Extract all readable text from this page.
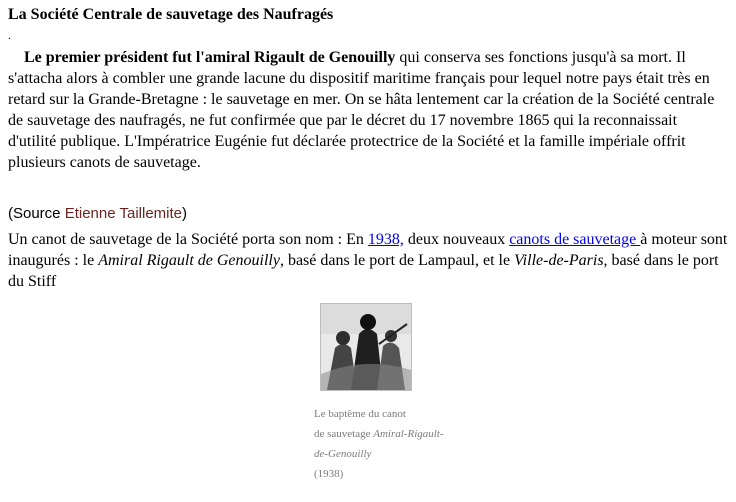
La Société Centrale de sauvetage des Naufragés
.
Le premier président fut l'amiral Rigault de Genouilly qui conserva ses fonctions jusqu'à sa mort. Il s'attacha alors à combler une grande lacune du dispositif maritime français pour lequel notre pays était très en retard sur la Grande-Bretagne : le sauvetage en mer. On se hâta lentement car la création de la Société centrale de sauvetage des naufragés, ne fut confirmée que par le décret du 17 novembre 1865 qui la reconnaissait d'utilité publique. L'Impératrice Eugénie fut déclarée protectrice de la Société et la famille impériale offrit plusieurs canots de sauvetage.
(Source Etienne Taillemite)
Un canot de sauvetage de la Société porta son nom : En 1938, deux nouveaux canots de sauvetage à moteur sont inaugurés : le Amiral Rigault de Genouilly, basé dans le port de Lampaul, et le Ville-de-Paris, basé dans le port du Stiff
Le baptême du canot
de sauvetage Amiral-Rigault-de-Genouilly
(1938)
